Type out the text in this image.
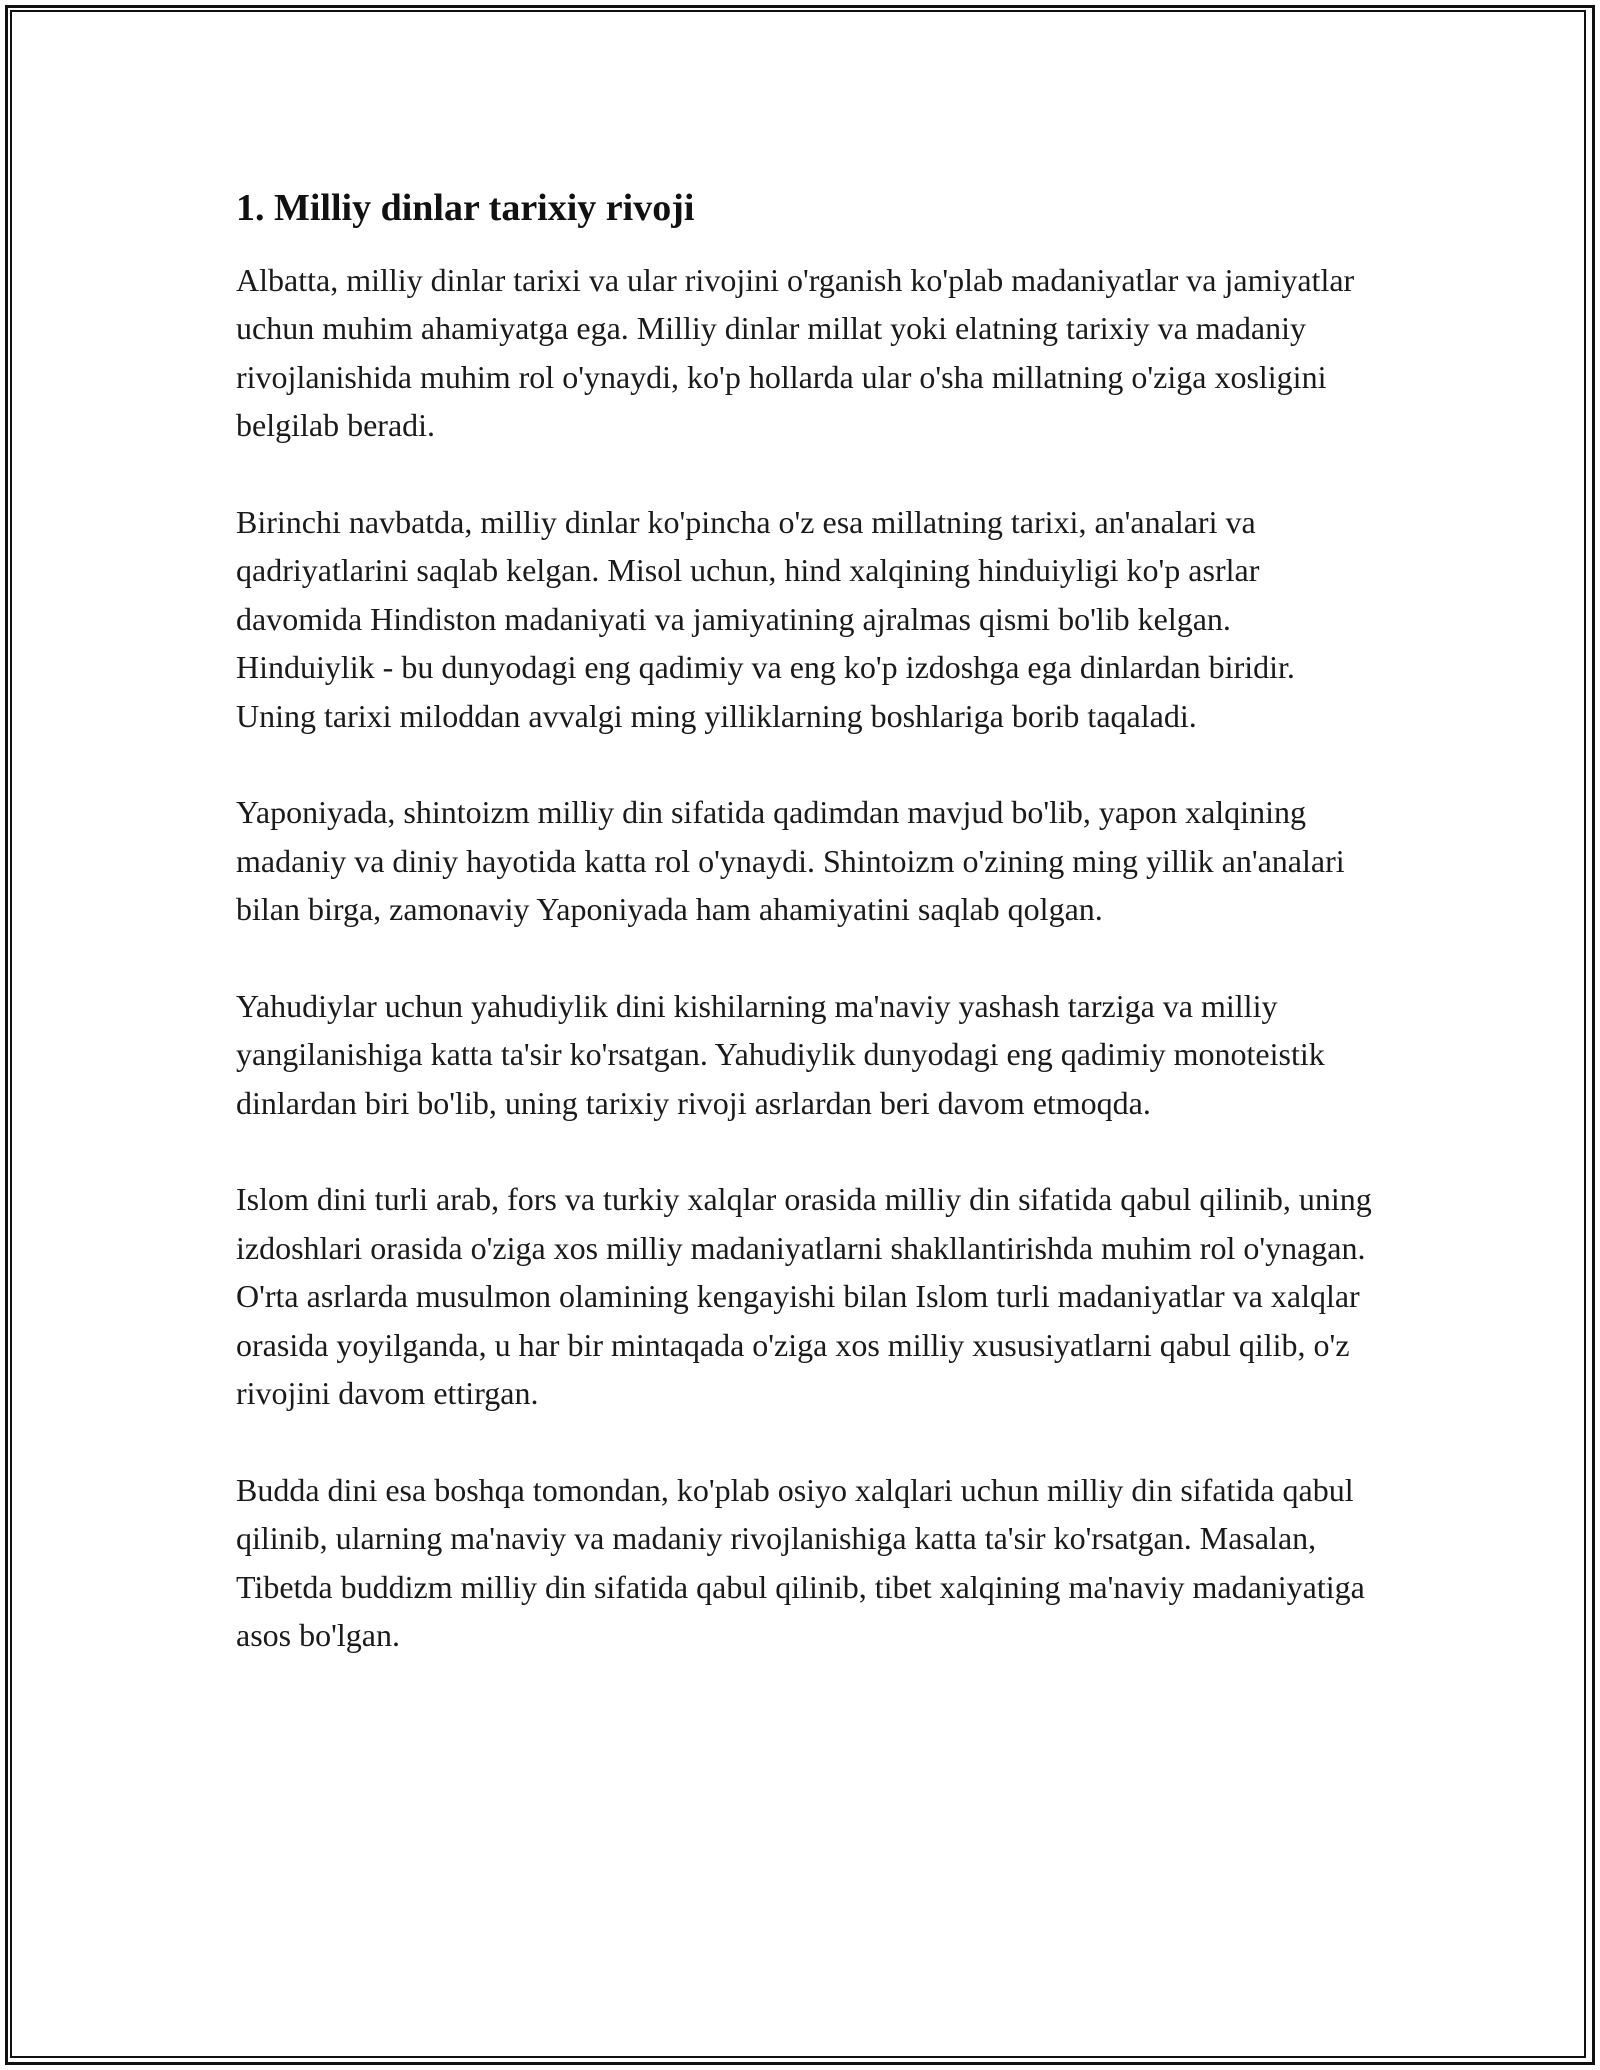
1. Milliy dinlar tarixiy rivoji

Albatta, milliy dinlar tarixi va ular rivojini o'rganish ko'plab madaniyatlar va jamiyatlar uchun muhim ahamiyatga ega. Milliy dinlar millat yoki elatning tarixiy va madaniy rivojlanishida muhim rol o'ynaydi, ko'p hollarda ular o'sha millatning o'ziga xosligini belgilab beradi.

Birinchi navbatda, milliy dinlar ko'pincha o'z esa millatning tarixi, an'analari va qadriyatlarini saqlab kelgan. Misol uchun, hind xalqining hinduiyligi ko'p asrlar davomida Hindiston madaniyati va jamiyatining ajralmas qismi bo'lib kelgan. Hinduiylik - bu dunyodagi eng qadimiy va eng ko'p izdoshga ega dinlardan biridir. Uning tarixi miloddan avvalgi ming yilliklarning boshlariga borib taqaladi.

Yaponiyada, shintoizm milliy din sifatida qadimdan mavjud bo'lib, yapon xalqining madaniy va diniy hayotida katta rol o'ynaydi. Shintoizm o'zining ming yillik an'analari bilan birga, zamonaviy Yaponiyada ham ahamiyatini saqlab qolgan.

Yahudiylar uchun yahudiylik dini kishilarning ma'naviy yashash tarziga va milliy yangilanishiga katta ta'sir ko'rsatgan. Yahudiylik dunyodagi eng qadimiy monoteistik dinlardan biri bo'lib, uning tarixiy rivoji asrlardan beri davom etmoqda.

Islom dini turli arab, fors va turkiy xalqlar orasida milliy din sifatida qabul qilinib, uning izdoshlari orasida o'ziga xos milliy madaniyatlarni shakllantirishda muhim rol o'ynagan. O'rta asrlarda musulmon olamining kengayishi bilan Islom turli madaniyatlar va xalqlar orasida yoyilganda, u har bir mintaqada o'ziga xos milliy xususiyatlarni qabul qilib, o'z rivojini davom ettirgan.

Budda dini esa boshqa tomondan, ko'plab osiyo xalqlari uchun milliy din sifatida qabul qilinib, ularning ma'naviy va madaniy rivojlanishiga katta ta'sir ko'rsatgan. Masalan, Tibetda buddizm milliy din sifatida qabul qilinib, tibet xalqining ma'naviy madaniyatiga asos bo'lgan.
